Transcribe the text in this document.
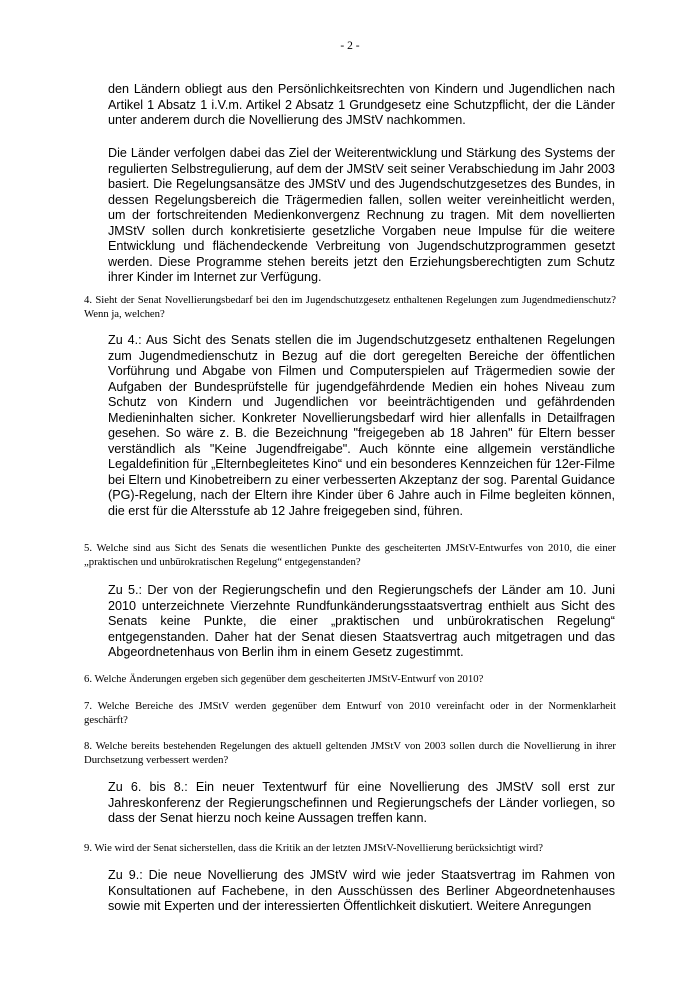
- 2 -

den Ländern obliegt aus den Persönlichkeitsrechten von Kindern und Jugendlichen nach Artikel 1 Absatz 1 i.V.m. Artikel 2 Absatz 1 Grundgesetz eine Schutzpflicht, der die Länder unter anderem durch die Novellierung des JMStV nachkommen.

Die Länder verfolgen dabei das Ziel der Weiterentwicklung und Stärkung des Systems der regulierten Selbstregulierung, auf dem der JMStV seit seiner Verabschiedung im Jahr 2003 basiert. Die Regelungsansätze des JMStV und des Jugendschutzgesetzes des Bundes, in dessen Regelungsbereich die Trägermedien fallen, sollen weiter vereinheitlicht werden, um der fortschreitenden Medienkonvergenz Rechnung zu tragen. Mit dem novellierten JMStV sollen durch konkretisierte gesetzliche Vorgaben neue Impulse für die weitere Entwicklung und flächendeckende Verbreitung von Jugendschutzprogrammen gesetzt werden. Diese Programme stehen bereits jetzt den Erziehungsberechtigten zum Schutz ihrer Kinder im Internet zur Verfügung.

4. Sieht der Senat Novellierungsbedarf bei den im Jugendschutzgesetz enthaltenen Regelungen zum Jugendmedienschutz? Wenn ja, welchen?

Zu 4.: Aus Sicht des Senats stellen die im Jugendschutzgesetz enthaltenen Regelungen zum Jugendmedienschutz in Bezug auf die dort geregelten Bereiche der öffentlichen Vorführung und Abgabe von Filmen und Computerspielen auf Trägermedien sowie der Aufgaben der Bundesprüfstelle für jugendgefährdende Medien ein hohes Niveau zum Schutz von Kindern und Jugendlichen vor beeinträchtigenden und gefährdenden Medieninhalten sicher. Konkreter Novellierungsbedarf wird hier allenfalls in Detailfragen gesehen. So wäre z. B. die Bezeichnung "freigegeben ab 18 Jahren" für Eltern besser verständlich als "Keine Jugendfreigabe". Auch könnte eine allgemein verständliche Legaldefinition für „Elternbegleitetes Kino“ und ein besonderes Kennzeichen für 12er-Filme bei Eltern und Kinobetreibern zu einer verbesserten Akzeptanz der sog. Parental Guidance (PG)-Regelung, nach der Eltern ihre Kinder über 6 Jahre auch in Filme begleiten können, die erst für die Altersstufe ab 12 Jahre freigegeben sind, führen.

5. Welche sind aus Sicht des Senats die wesentlichen Punkte des gescheiterten JMStV-Entwurfes von 2010, die einer „praktischen und unbürokratischen Regelung“ entgegenstanden?

Zu 5.: Der von der Regierungschefin und den Regierungschefs der Länder am 10. Juni 2010 unterzeichnete Vierzehnte Rundfunkänderungsstaatsvertrag enthielt aus Sicht des Senats keine Punkte, die einer „praktischen und unbürokratischen Regelung“ entgegenstanden. Daher hat der Senat diesen Staatsvertrag auch mitgetragen und das Abgeordnetenhaus von Berlin ihm in einem Gesetz zugestimmt.

6. Welche Änderungen ergeben sich gegenüber dem gescheiterten JMStV-Entwurf von 2010?

7. Welche Bereiche des JMStV werden gegenüber dem Entwurf von 2010 vereinfacht oder in der Normenklarheit geschärft?

8. Welche bereits bestehenden Regelungen des aktuell geltenden JMStV von 2003 sollen durch die Novellierung in ihrer Durchsetzung verbessert werden?

Zu 6. bis 8.: Ein neuer Textentwurf für eine Novellierung des JMStV soll erst zur Jahreskonferenz der Regierungschefinnen und Regierungschefs der Länder vorliegen, so dass der Senat hierzu noch keine Aussagen treffen kann.

9. Wie wird der Senat sicherstellen, dass die Kritik an der letzten JMStV-Novellierung berücksichtigt wird?

Zu 9.: Die neue Novellierung des JMStV wird wie jeder Staatsvertrag im Rahmen von Konsultationen auf Fachebene, in den Ausschüssen des Berliner Abgeordnetenhauses sowie mit Experten und der interessierten Öffentlichkeit diskutiert. Weitere Anregungen
